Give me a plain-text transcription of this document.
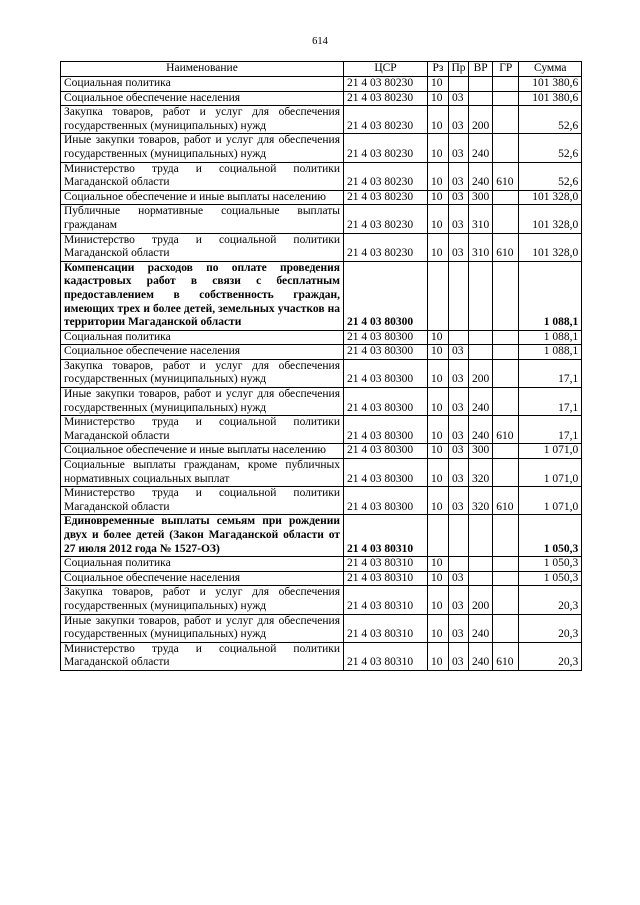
614
Наименование	ЦСР	Рз	Пр	ВР	ГР	Сумма
Социальная политика	21 4 03 80230	10				101 380,6
Социальное обеспечение населения	21 4 03 80230	10	03			101 380,6
Закупка товаров, работ и услуг для обеспечения государственных (муниципальных) нужд	21 4 03 80230	10	03	200		52,6
Иные закупки товаров, работ и услуг для обеспечения государственных (муниципальных) нужд	21 4 03 80230	10	03	240		52,6
Министерство труда и социальной политики Магаданской области	21 4 03 80230	10	03	240	610	52,6
Социальное обеспечение и иные выплаты населению	21 4 03 80230	10	03	300		101 328,0
Публичные нормативные социальные выплаты гражданам	21 4 03 80230	10	03	310		101 328,0
Министерство труда и социальной политики Магаданской области	21 4 03 80230	10	03	310	610	101 328,0
Компенсации расходов по оплате проведения кадастровых работ в связи с бесплатным предоставлением в собственность граждан, имеющих трех и более детей, земельных участков на территории Магаданской области	21 4 03 80300					1 088,1
Социальная политика	21 4 03 80300	10				1 088,1
Социальное обеспечение населения	21 4 03 80300	10	03			1 088,1
Закупка товаров, работ и услуг для обеспечения государственных (муниципальных) нужд	21 4 03 80300	10	03	200		17,1
Иные закупки товаров, работ и услуг для обеспечения государственных (муниципальных) нужд	21 4 03 80300	10	03	240		17,1
Министерство труда и социальной политики Магаданской области	21 4 03 80300	10	03	240	610	17,1
Социальное обеспечение и иные выплаты населению	21 4 03 80300	10	03	300		1 071,0
Социальные выплаты гражданам, кроме публичных нормативных социальных выплат	21 4 03 80300	10	03	320		1 071,0
Министерство труда и социальной политики Магаданской области	21 4 03 80300	10	03	320	610	1 071,0
Единовременные выплаты семьям при рождении двух и более детей (Закон Магаданской области от 27 июля 2012 года № 1527-ОЗ)	21 4 03 80310					1 050,3
Социальная политика	21 4 03 80310	10				1 050,3
Социальное обеспечение населения	21 4 03 80310	10	03			1 050,3
Закупка товаров, работ и услуг для обеспечения государственных (муниципальных) нужд	21 4 03 80310	10	03	200		20,3
Иные закупки товаров, работ и услуг для обеспечения государственных (муниципальных) нужд	21 4 03 80310	10	03	240		20,3
Министерство труда и социальной политики Магаданской области	21 4 03 80310	10	03	240	610	20,3
